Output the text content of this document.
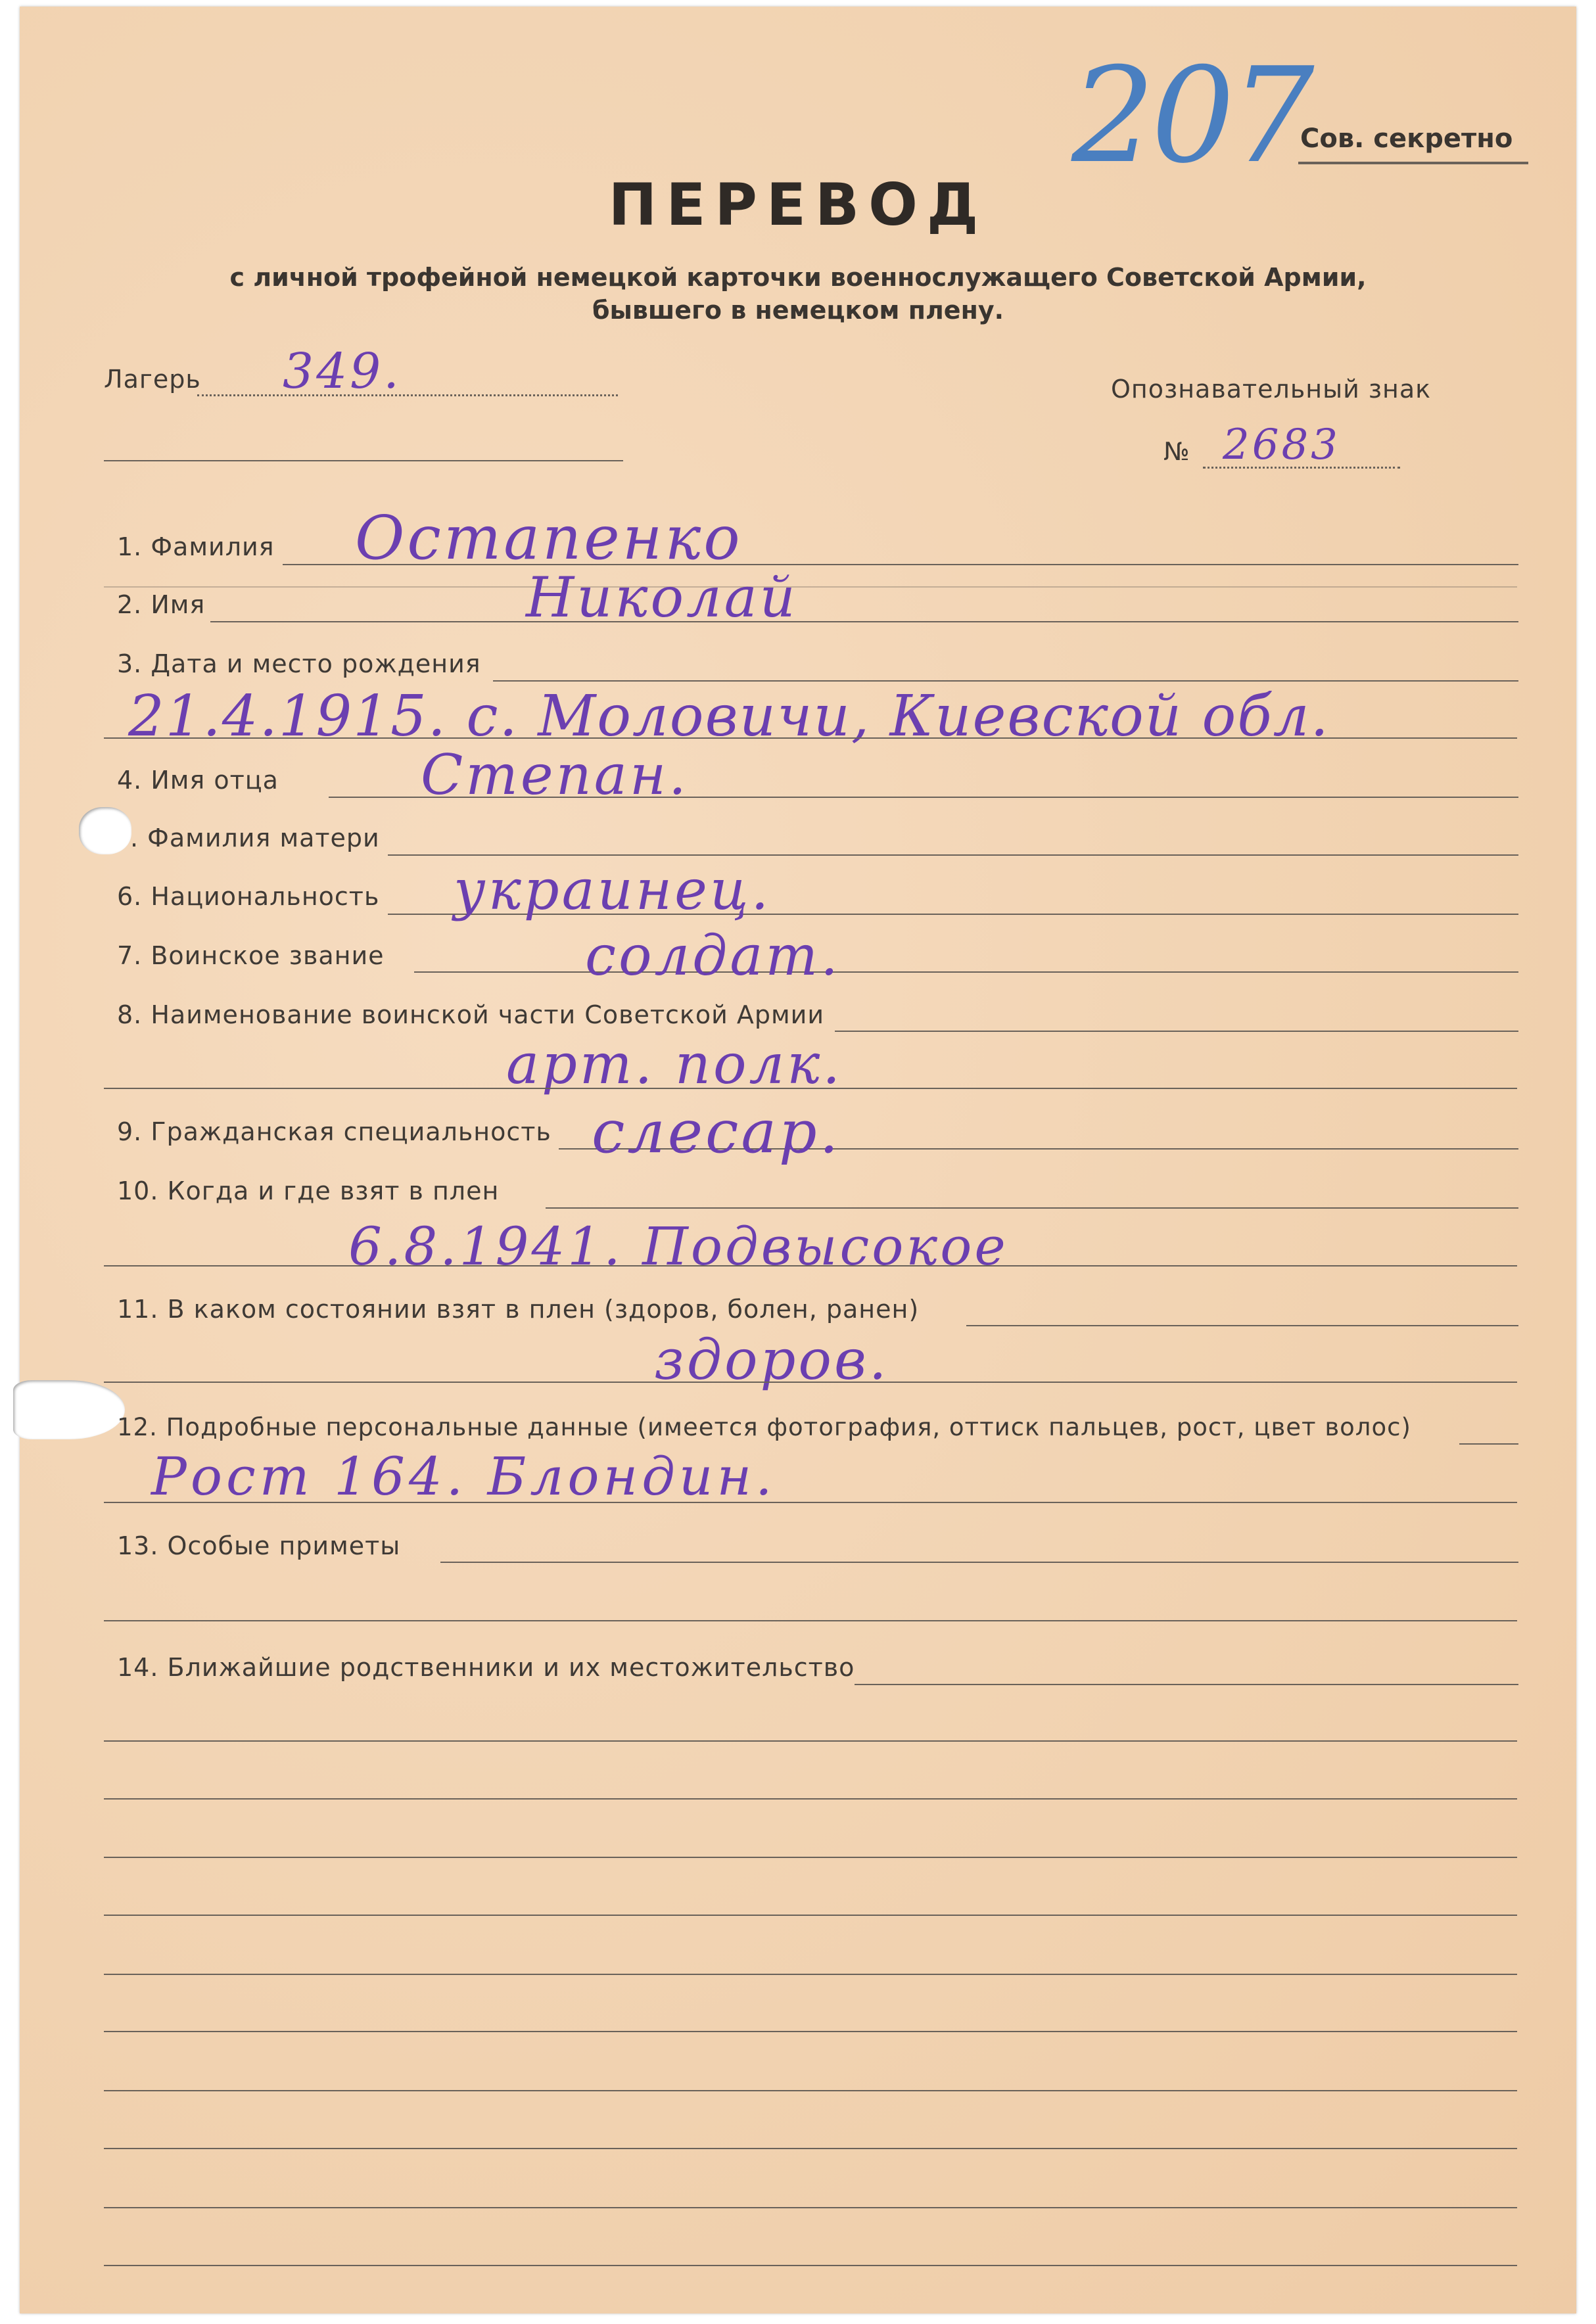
207
Сов. секретно
ПЕРЕВОД
с личной трофейной немецкой карточки военнослужащего Советской Армии,
бывшего в немецком плену.
Лагерь 349.	Опознавательный знак
№ 2683
1. Фамилия Остапенко
2. Имя	Николай
3. Дата и место рождения
21.4.1915. с. Моловичи, Киевской обл.
4. Имя отца	Степан.
. Фамилия матери
6. Национальность украинец.
7. Воинское звание	солдат.
8. Наименование воинской части Советской Армии
арт. полк.
9. Гражданская специальность слесар.
10. Когда и где взят в плен
6.8.1941. Подвысокое
11. В каком состоянии взят в плен (здоров, болен, ранен)
здоров.
12. Подробные персональные данные (имеется фотография, оттиск пальцев, рост, цвет волос)
Рост 164. Блондин.
13. Особые приметы
14. Ближайшие родственники и их местожительство
